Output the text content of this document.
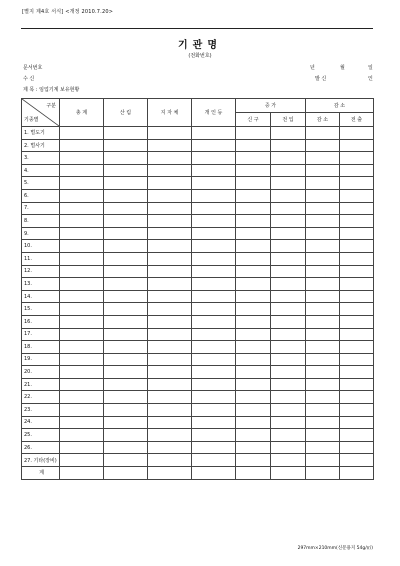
[별지 제4호 서식] <개정 2010.7.20>
기관명
(전화번호)
문서번호	년	월	일
수 신	발 신	인
제 목 : 임업기계 보유현황
구분
기종별	총 계	산 림	지 자 체	개 인 등	증 가		감 소	
					신 구	전 입	감 소	전 출
1. 벌도기								
2. 벌사기								
3.								
4.								
5.								
6.								
7.								
8.								
9.								
10.								
11.								
12.								
13.								
14.								
15.								
16.								
17.								
18.								
19.								
20.								
21.								
22.								
23.								
24.								
25.								
26.								
27. 기타(장비)								
계								
297mm×210mm(신문용지 54g/㎡)
